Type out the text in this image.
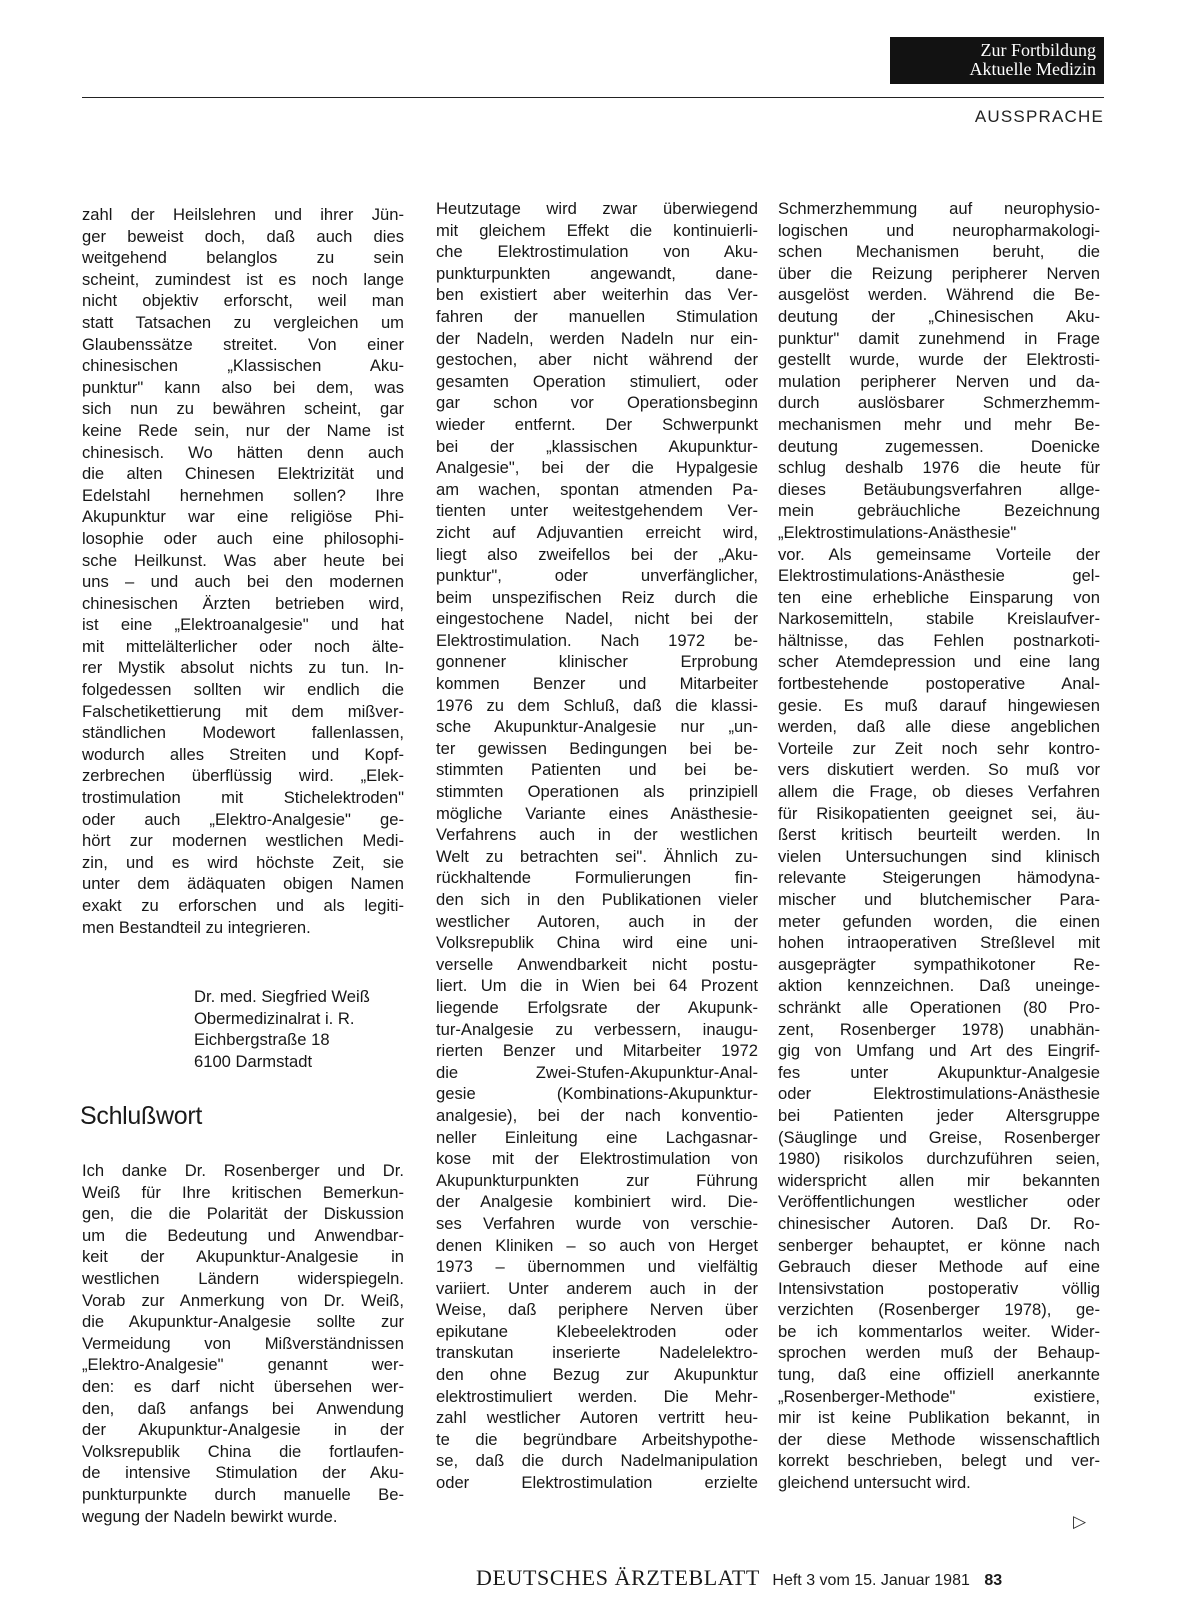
Zur Fortbildung
Aktuelle Medizin
AUSSPRACHE
zahl der Heilslehren und ihrer Jün-
ger beweist doch, daß auch dies
weitgehend belanglos zu sein
scheint, zumindest ist es noch lange
nicht objektiv erforscht, weil man
statt Tatsachen zu vergleichen um
Glaubenssätze streitet. Von einer
chinesischen „Klassischen Aku-
punktur" kann also bei dem, was
sich nun zu bewähren scheint, gar
keine Rede sein, nur der Name ist
chinesisch. Wo hätten denn auch
die alten Chinesen Elektrizität und
Edelstahl hernehmen sollen? Ihre
Akupunktur war eine religiöse Phi-
losophie oder auch eine philosophi-
sche Heilkunst. Was aber heute bei
uns – und auch bei den modernen
chinesischen Ärzten betrieben wird,
ist eine „Elektroanalgesie" und hat
mit mittelälterlicher oder noch älte-
rer Mystik absolut nichts zu tun. In-
folgedessen sollten wir endlich die
Falschetikettierung mit dem mißver-
ständlichen Modewort fallenlassen,
wodurch alles Streiten und Kopf-
zerbrechen überflüssig wird. „Elek-
trostimulation mit Stichelektroden"
oder auch „Elektro-Analgesie" ge-
hört zur modernen westlichen Medi-
zin, und es wird höchste Zeit, sie
unter dem ädäquaten obigen Namen
exakt zu erforschen und als legiti-
men Bestandteil zu integrieren.
Dr. med. Siegfried Weiß
Obermedizinalrat i. R.
Eichbergstraße 18
6100 Darmstadt
Schlußwort
Ich danke Dr. Rosenberger und Dr.
Weiß für Ihre kritischen Bemerkun-
gen, die die Polarität der Diskussion
um die Bedeutung und Anwendbar-
keit der Akupunktur-Analgesie in
westlichen Ländern widerspiegeln.
Vorab zur Anmerkung von Dr. Weiß,
die Akupunktur-Analgesie sollte zur
Vermeidung von Mißverständnissen
„Elektro-Analgesie" genannt wer-
den: es darf nicht übersehen wer-
den, daß anfangs bei Anwendung
der Akupunktur-Analgesie in der
Volksrepublik China die fortlaufen-
de intensive Stimulation der Aku-
punkturpunkte durch manuelle Be-
wegung der Nadeln bewirkt wurde.
Heutzutage wird zwar überwiegend
mit gleichem Effekt die kontinuierli-
che Elektrostimulation von Aku-
punkturpunkten angewandt, dane-
ben existiert aber weiterhin das Ver-
fahren der manuellen Stimulation
der Nadeln, werden Nadeln nur ein-
gestochen, aber nicht während der
gesamten Operation stimuliert, oder
gar schon vor Operationsbeginn
wieder entfernt. Der Schwerpunkt
bei der „klassischen Akupunktur-
Analgesie", bei der die Hypalgesie
am wachen, spontan atmenden Pa-
tienten unter weitestgehendem Ver-
zicht auf Adjuvantien erreicht wird,
liegt also zweifellos bei der „Aku-
punktur", oder unverfänglicher,
beim unspezifischen Reiz durch die
eingestochene Nadel, nicht bei der
Elektrostimulation. Nach 1972 be-
gonnener klinischer Erprobung
kommen Benzer und Mitarbeiter
1976 zu dem Schluß, daß die klassi-
sche Akupunktur-Analgesie nur „un-
ter gewissen Bedingungen bei be-
stimmten Patienten und bei be-
stimmten Operationen als prinzipiell
mögliche Variante eines Anästhesie-
Verfahrens auch in der westlichen
Welt zu betrachten sei". Ähnlich zu-
rückhaltende Formulierungen fin-
den sich in den Publikationen vieler
westlicher Autoren, auch in der
Volksrepublik China wird eine uni-
verselle Anwendbarkeit nicht postu-
liert. Um die in Wien bei 64 Prozent
liegende Erfolgsrate der Akupunk-
tur-Analgesie zu verbessern, inaugu-
rierten Benzer und Mitarbeiter 1972
die Zwei-Stufen-Akupunktur-Anal-
gesie (Kombinations-Akupunktur-
analgesie), bei der nach konventio-
neller Einleitung eine Lachgasnar-
kose mit der Elektrostimulation von
Akupunkturpunkten zur Führung
der Analgesie kombiniert wird. Die-
ses Verfahren wurde von verschie-
denen Kliniken – so auch von Herget
1973 – übernommen und vielfältig
variiert. Unter anderem auch in der
Weise, daß periphere Nerven über
epikutane Klebeelektroden oder
transkutan inserierte Nadelelektro-
den ohne Bezug zur Akupunktur
elektrostimuliert werden. Die Mehr-
zahl westlicher Autoren vertritt heu-
te die begründbare Arbeitshypothe-
se, daß die durch Nadelmanipulation
oder Elektrostimulation erzielte
Schmerzhemmung auf neurophysio-
logischen und neuropharmakologi-
schen Mechanismen beruht, die
über die Reizung peripherer Nerven
ausgelöst werden. Während die Be-
deutung der „Chinesischen Aku-
punktur" damit zunehmend in Frage
gestellt wurde, wurde der Elektrosti-
mulation peripherer Nerven und da-
durch auslösbarer Schmerzhemm-
mechanismen mehr und mehr Be-
deutung zugemessen. Doenicke
schlug deshalb 1976 die heute für
dieses Betäubungsverfahren allge-
mein gebräuchliche Bezeichnung
„Elektrostimulations-Anästhesie"
vor. Als gemeinsame Vorteile der
Elektrostimulations-Anästhesie gel-
ten eine erhebliche Einsparung von
Narkosemitteln, stabile Kreislaufver-
hältnisse, das Fehlen postnarkoti-
scher Atemdepression und eine lang
fortbestehende postoperative Anal-
gesie. Es muß darauf hingewiesen
werden, daß alle diese angeblichen
Vorteile zur Zeit noch sehr kontro-
vers diskutiert werden. So muß vor
allem die Frage, ob dieses Verfahren
für Risikopatienten geeignet sei, äu-
ßerst kritisch beurteilt werden. In
vielen Untersuchungen sind klinisch
relevante Steigerungen hämodyna-
mischer und blutchemischer Para-
meter gefunden worden, die einen
hohen intraoperativen Streßlevel mit
ausgeprägter sympathikotoner Re-
aktion kennzeichnen. Daß uneinge-
schränkt alle Operationen (80 Pro-
zent, Rosenberger 1978) unabhän-
gig von Umfang und Art des Eingrif-
fes unter Akupunktur-Analgesie
oder Elektrostimulations-Anästhesie
bei Patienten jeder Altersgruppe
(Säuglinge und Greise, Rosenberger
1980) risikolos durchzuführen seien,
widerspricht allen mir bekannten
Veröffentlichungen westlicher oder
chinesischer Autoren. Daß Dr. Ro-
senberger behauptet, er könne nach
Gebrauch dieser Methode auf eine
Intensivstation postoperativ völlig
verzichten (Rosenberger 1978), ge-
be ich kommentarlos weiter. Wider-
sprochen werden muß der Behaup-
tung, daß eine offiziell anerkannte
„Rosenberger-Methode" existiere,
mir ist keine Publikation bekannt, in
der diese Methode wissenschaftlich
korrekt beschrieben, belegt und ver-
gleichend untersucht wird.
▷
DEUTSCHES ÄRZTEBLATT Heft 3 vom 15. Januar 1981 83
